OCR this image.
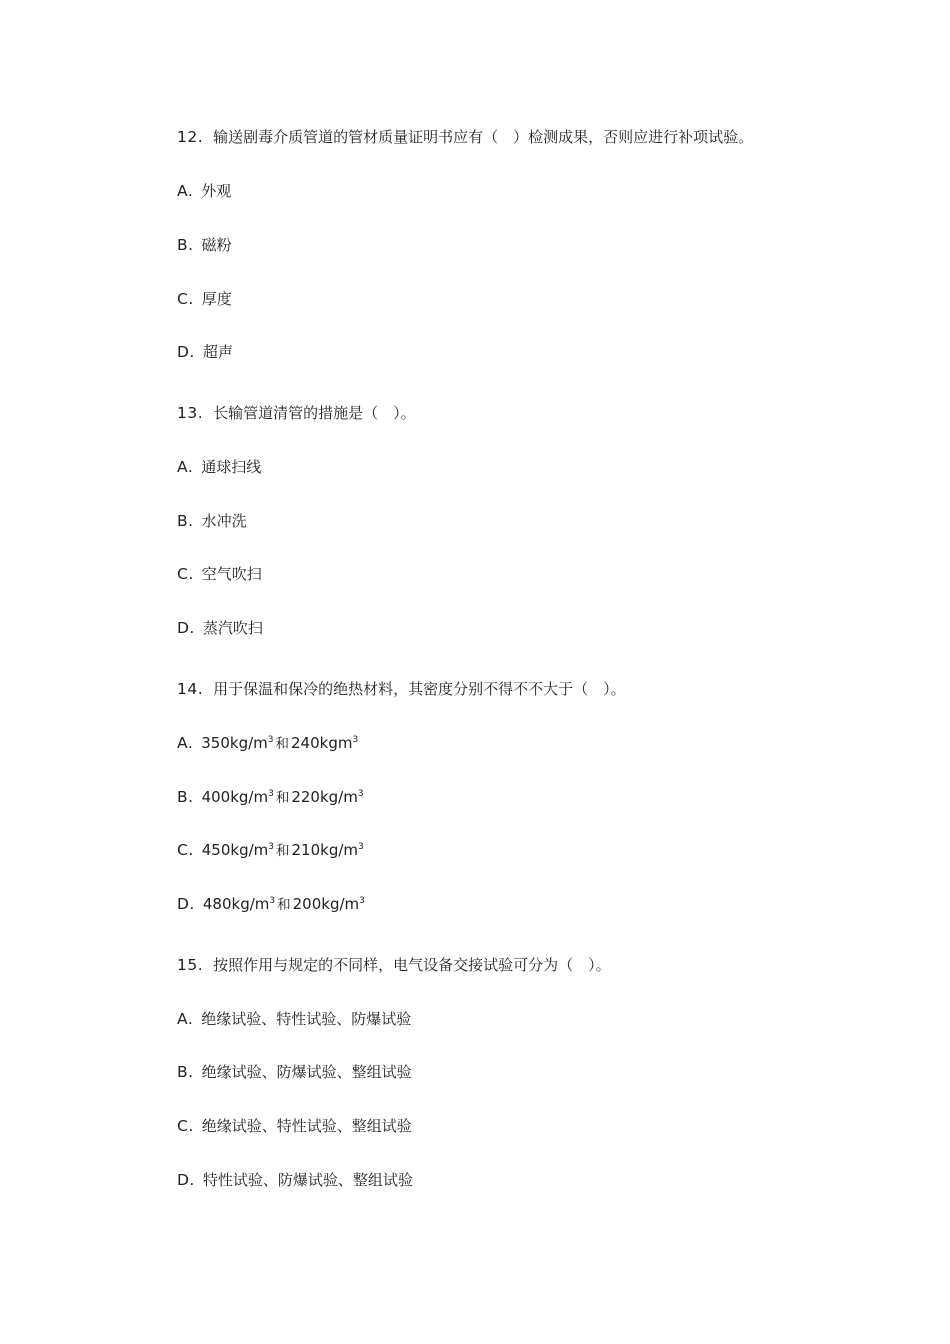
12. 输送剧毒介质管道的管材质量证明书应有（　）检测成果，否则应进行补项试验。
A. 外观
B. 磁粉
C. 厚度
D. 超声
13. 长输管道清管的措施是（　）。
A. 通球扫线
B. 水冲洗
C. 空气吹扫
D. 蒸汽吹扫
14. 用于保温和保冷的绝热材料，其密度分别不得不不大于（　）。
A. $350kg/m^3$ 和 240kgm$^3$
B. $400kg/m^3$ 和 $220kg/m^3$
C. $450kg/m^3$ 和 $210kg/m^3$
D. $480kg/m^3$ 和 $200kg/m^3$
15. 按照作用与规定的不同样，电气设备交接试验可分为（　）。
A. 绝缘试验、特性试验、防爆试验
B. 绝缘试验、防爆试验、整组试验
C. 绝缘试验、特性试验、整组试验
D. 特性试验、防爆试验、整组试验
